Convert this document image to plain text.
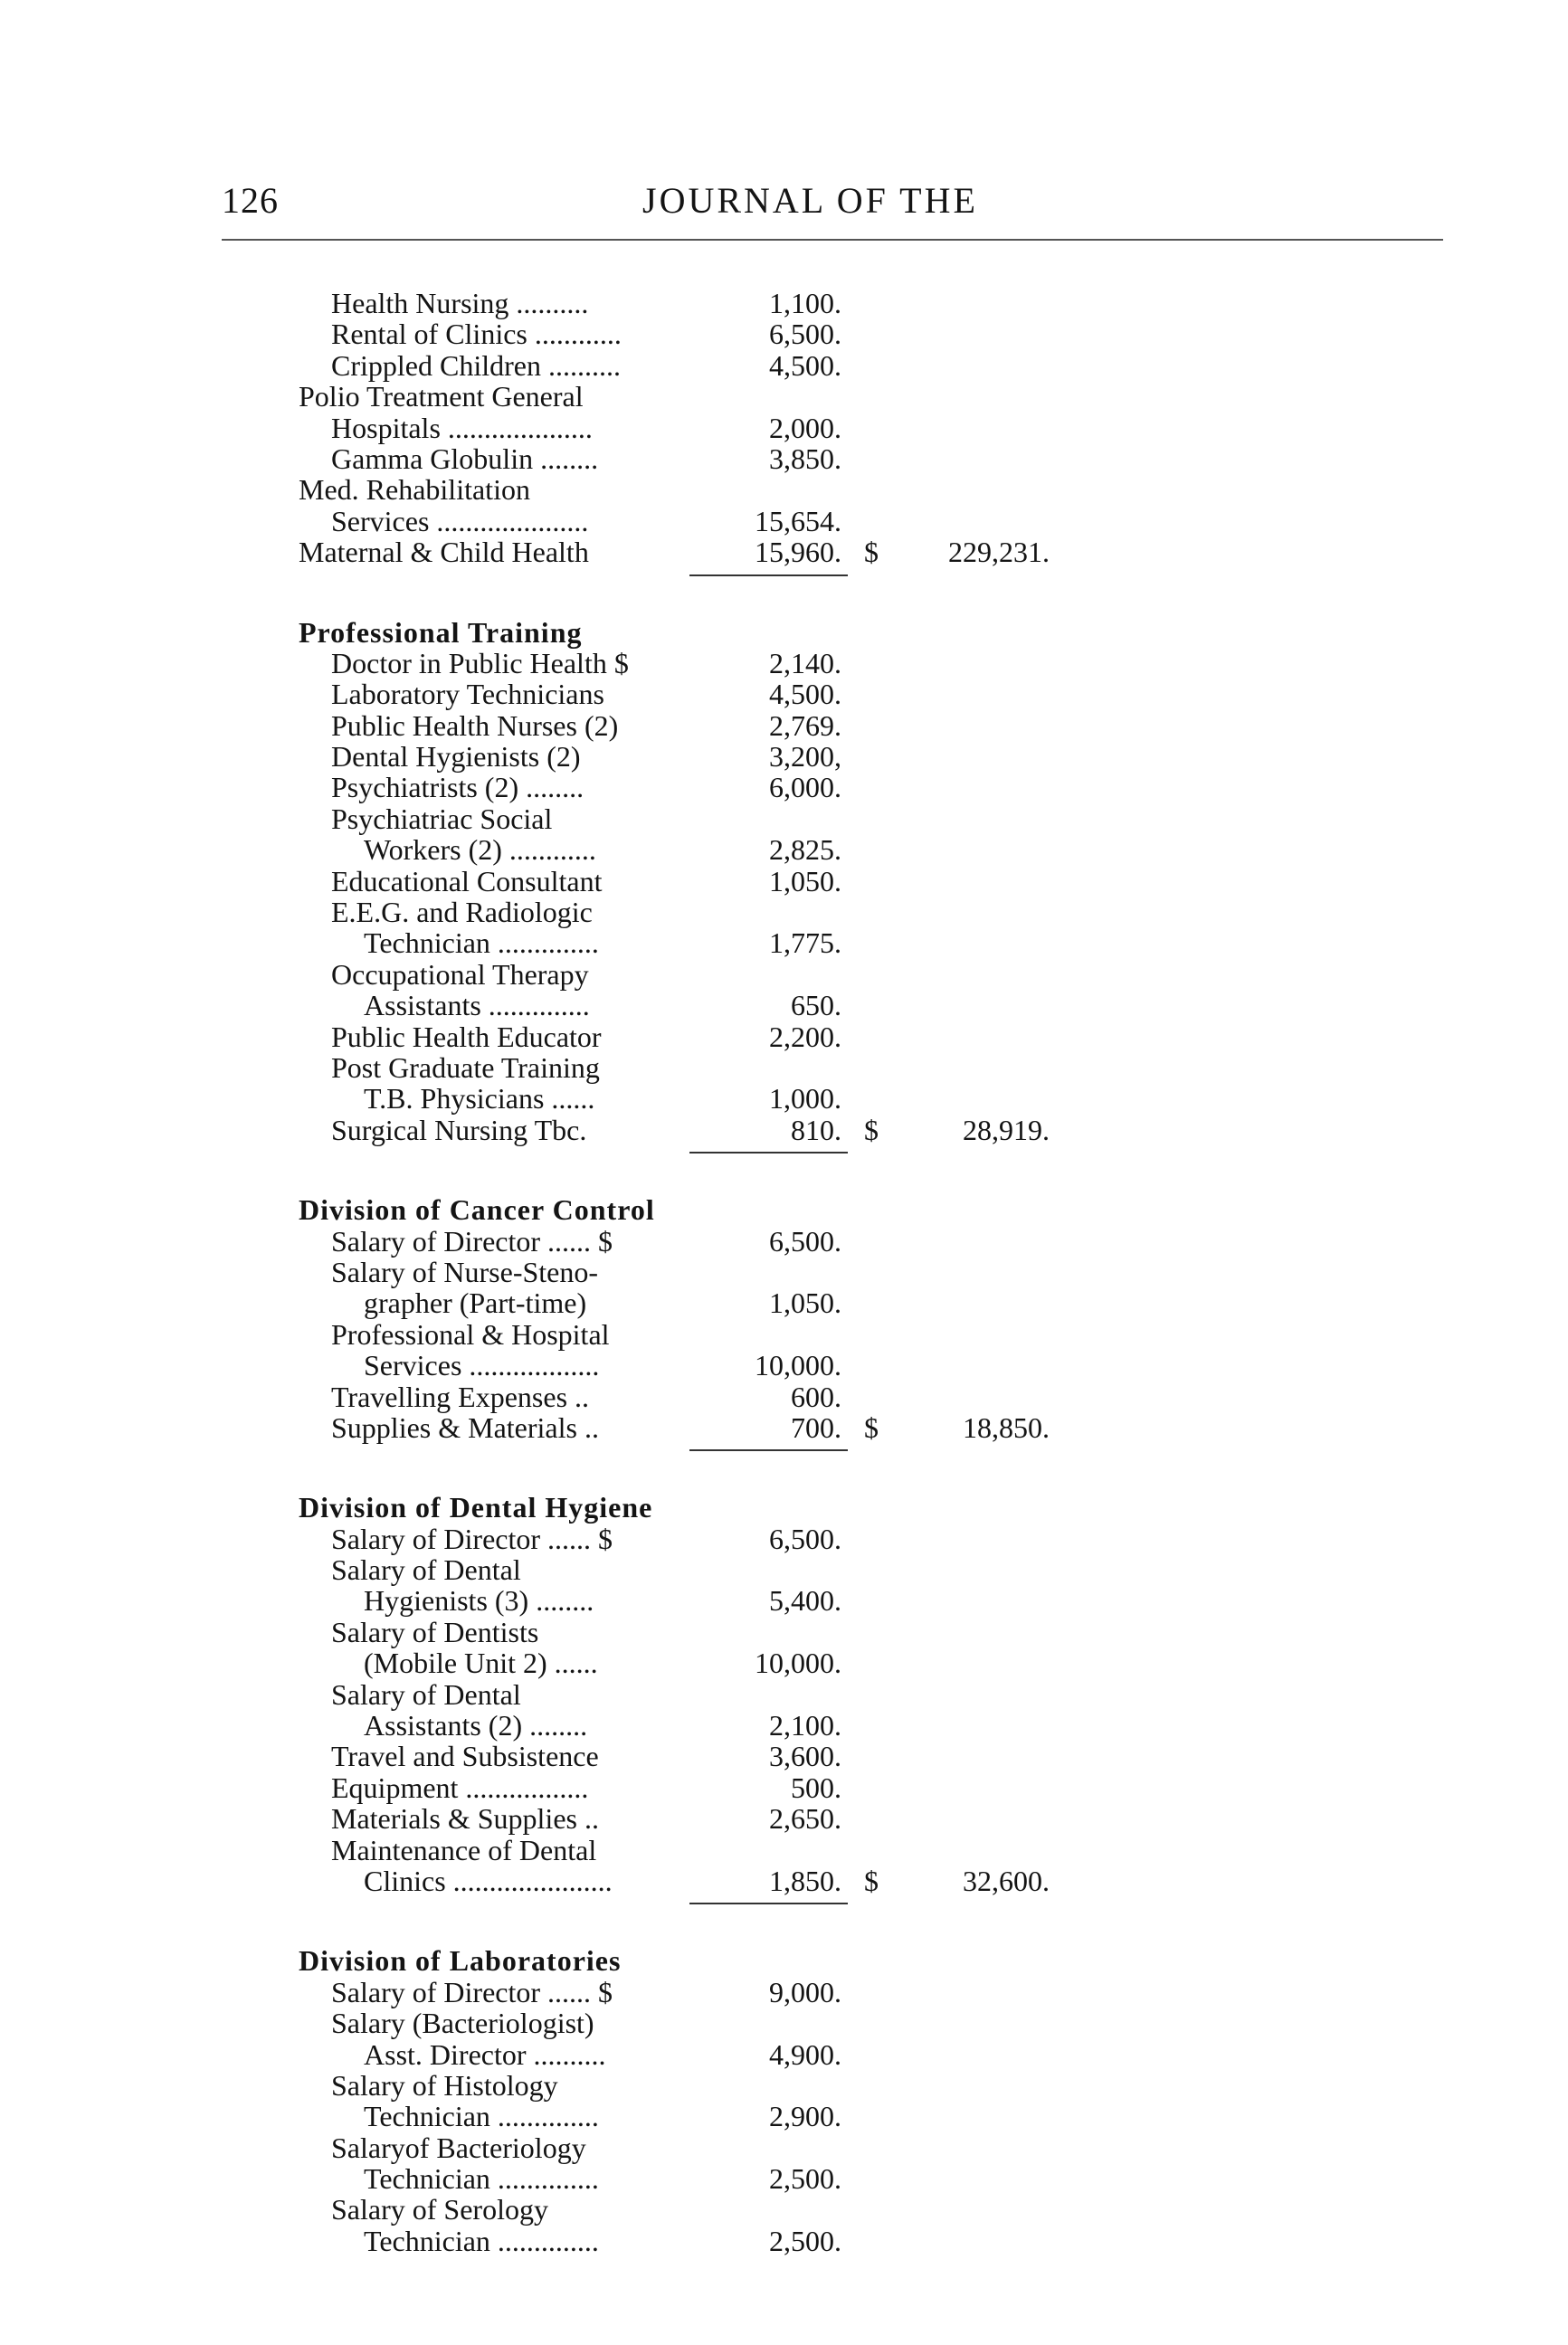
126	JOURNAL OF THE
Health Nursing ..........	1,100.
Rental of Clinics ............	6,500.
Crippled Children ..........	4,500.
Polio Treatment General
Hospitals ....................	2,000.
Gamma Globulin ........	3,850.
Med. Rehabilitation
Services .....................	15,654.
Maternal & Child Health	15,960. $ 229,231.
Professional Training
Doctor in Public Health $	2,140.
Laboratory Technicians	4,500.
Public Health Nurses (2)	2,769.
Dental Hygienists (2)	3,200,
Psychiatrists (2) ........	6,000.
Psychiatriac Social
Workers (2) ............	2,825.
Educational Consultant	1,050.
E.E.G. and Radiologic
Technician ..............	1,775.
Occupational Therapy
Assistants ..............	650.
Public Health Educator	2,200.
Post Graduate Training
T.B. Physicians ......	1,000.
Surgical Nursing Tbc.	810. $	28,919.
Division of Cancer Control
Salary of Director ...... $	6,500.
Salary of Nurse-Steno-
grapher (Part-time)	1,050.
Professional & Hospital
Services ..................	10,000.
Travelling Expenses ..	600.
Supplies & Materials ..	700. $	18,850.
Division of Dental Hygiene
Salary of Director ...... $	6,500.
Salary of Dental
Hygienists (3) ........	5,400.
Salary of Dentists
(Mobile Unit 2) ......	10,000.
Salary of Dental
Assistants (2) ........	2,100.
Travel and Subsistence	3,600.
Equipment .................	500.
Materials & Supplies ..	2,650.
Maintenance of Dental
Clinics ......................	1,850. $	32,600.
Division of Laboratories
Salary of Director ...... $	9,000.
Salary (Bacteriologist)
Asst. Director ..........	4,900.
Salary of Histology
Technician ..............	2,900.
Salaryof Bacteriology
Technician ..............	2,500.
Salary of Serology
Technician ..............	2,500.
